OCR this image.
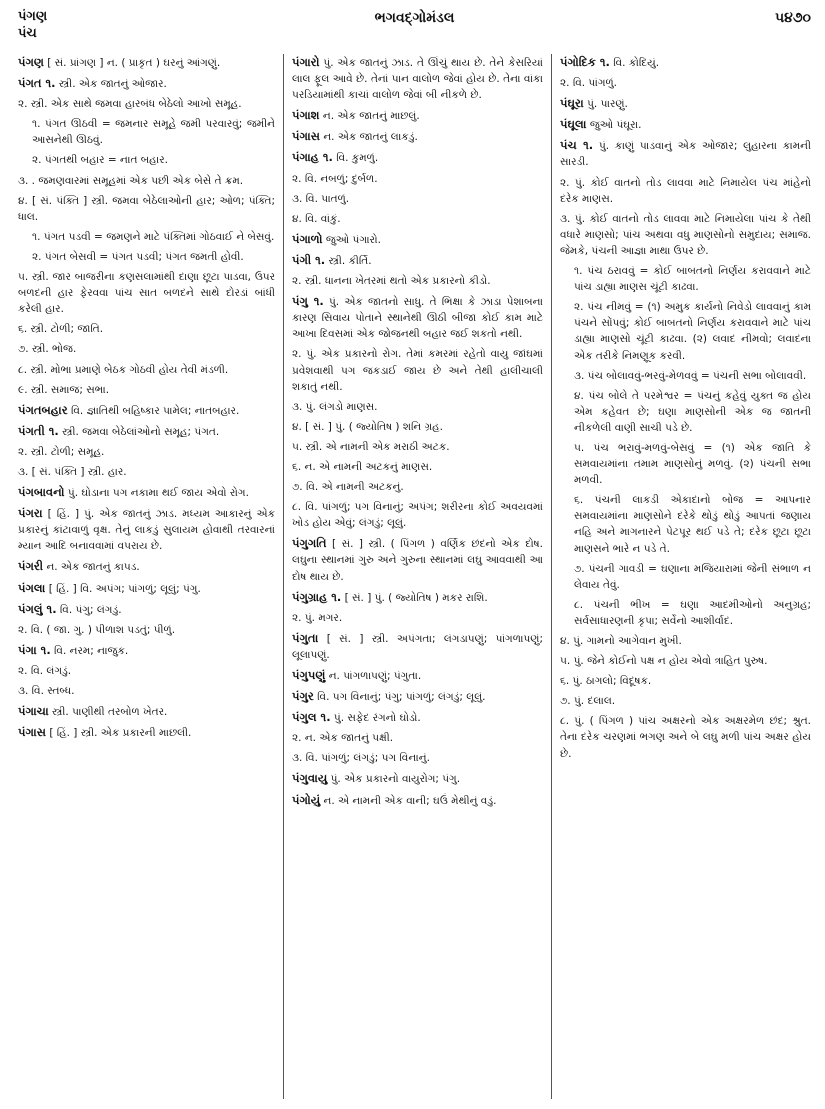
પંગણ
પંચ
ભગવદ્ગોમંડલ	૫૪૭૦

પંગણ [ સં. પ્રાંગણ ] ન. ( પ્રાકૃત ) ઘરનું આંગણું.

પંગત ૧. સ્ત્રી. એક જાતનું ઓજાર.

૨. સ્ત્રી. એક સાથે જમવા હારબંધ બેઠેલો આખો સમૂહ.

૧. પંગત ઊઠવી = જમનાર સમૂહે જમી પરવારવું; જમીને આસનેથી ઊઠવું.

૨. પંગતથી બહાર = નાત બહાર.

૩. . જમણવારમાં સમૂહમાં એક પછી એક બેસે તે ક્રમ.

૪. [ સં. પંક્તિ ] સ્ત્રી. જમવા બેઠેલાઓની હાર; ઓળ; પંક્તિ; ધાલ.

૧. પંગત પડવી = જમણને માટે પંક્તિમાં ગોઠવાઈ ને બેસવું.

૨. પંગત બેસવી = પંગત પડવી; પંગત જમતી હોવી.

૫. સ્ત્રી. જાર બાજરીના કણસલામાંથી દાણા છૂટા પાડવા, ઉપર બળદની હાર ફેરવવા પાંચ સાત બળદને સાથે દોરડાં બાંધી કરેલી હાર.

૬. સ્ત્રી. ટોળી; જાતિ.

૭. સ્ત્રી. ભોજ.

૮. સ્ત્રી. મોભા પ્રમાણે બેઠક ગોઠવી હોય તેવી મંડળી.

૯. સ્ત્રી. સમાજ; સભા.

પંગતબહાર વિ. જ્ઞાતિથી બહિષ્કાર પામેલ; નાતબહાર.

પંગતી ૧. સ્ત્રી. જમવા બેઠેલાંઓનો સમૂહ; પંગત.

૨. સ્ત્રી. ટોળી; સમૂહ.

૩. [ સં. પંક્તિ ] સ્ત્રી. હાર.

પંગબાવનો પું. ઘોડાના પગ નકામા થઈ જાય એવો રોગ.

પંગરા [ હિં. ] પું. એક જાતનું ઝાડ. મધ્યમ આકારનું એક પ્રકારનું કાંટાવાળું વૃક્ષ. તેનું લાકડું સુલાયમ હોવાથી તરવારનાં મ્યાન આદિ બનાવવામાં વપરાય છે.

પંગરી ન. એક જાતનું કાપડ.

પંગલા [ હિં. ] વિ. અપંગ; પાંગળું; લૂલું; પંગુ.

પંગલું ૧. વિ. પંગુ; લંગડું.

૨. વિ. ( જા. ગુ. ) પીળાશ પડતું; પીળું.

પંગા ૧. વિ. નરમ; નાજુક.

૨. વિ. લંગડું.

૩. વિ. સ્તબ્ધ.

પંગાચા સ્ત્રી. પાણીથી તરબોળ ખેતર.

પંગાસ [ હિં. ] સ્ત્રી. એક પ્રકારની માછલી.

પંગારો પું. એક જાતનું ઝાડ. તે ઊંચું થાય છે. તેને કેસરિયાં લાલ ફૂલ આવે છે. તેનાં પાન વાલોળ જેવાં હોય છે. તેના વાંકા પરડિયામાંથી કાચાં વાલોળ જેવાં બી નીકળે છે.

પંગાશ ન. એક જાતનું માછલું.

પંગાસ ન. એક જાતનું લાકડું.

પંગાહ ૧. વિ. કુમળું.

૨. વિ. નબળું; દુર્બળ.

૩. વિ. પાતળું.

૪. વિ. વાંકું.

પંગાળો જુઓ પંગારો.

પંગી ૧. સ્ત્રી. કીર્તિ.

૨. સ્ત્રી. ધાનના ખેતરમાં થતો એક પ્રકારનો કીડો.

પંગુ ૧. પું. એક જાતનો સાધુ. તે ભિક્ષા કે ઝાડા પેશાબના કારણ સિવાય પોતાને સ્થાનેથી ઊઠી બીજા કોઈ કામ માટે આખા દિવસમાં એક જોજનથી બહાર જઈ શકતો નથી.

૨. પું. એક પ્રકારનો રોગ. તેમાં કમરમાં રહેતો વાયુ જાંઘમાં પ્રવેશવાથી પગ જકડાઈ જાય છે અને તેથી હાલીચાલી શકાતું નથી.

૩. પું. લંગડો માણસ.

૪. [ સં. ] પું. ( જ્યોતિષ ) શનિ ગ્રહ.

૫. સ્ત્રી. એ નામની એક મરાઠી અટક.

૬. ન. એ નામની અટકનું માણસ.

૭. વિ. એ નામની અટકનું.

૮. વિ. પાંગળું; પગ વિનાનું; અપંગ; શરીરના કોઈ અવયવમાં ખોડ હોય એવું; લંગડું; લૂલું.

પંગુગતિ [ સં. ] સ્ત્રી. ( પિંગળ ) વર્ણિક છંદનો એક દોષ. લઘુના સ્થાનમાં ગુરુ અને ગુરુના સ્થાનમાં લઘુ આવવાથી આ દોષ થાય છે.

પંગુગ્રાહ ૧. [ સં. ] પું. ( જ્યોતિષ ) મકર રાશિ.

૨. પું. મગર.

પંગુતા [ સં. ] સ્ત્રી. અપંગતા; લંગડાપણું; પાંગળાપણું; લૂલાપણું.

પંગુપણું ન. પાંગળાપણું; પંગુતા.

પંગુર વિ. પગ વિનાનું; પંગુ; પાંગળું; લંગડું; લૂલું.

પંગુલ ૧. પું. સફેદ રંગનો ઘોડો.

૨. ન. એક જાતનું પક્ષી.

૩. વિ. પાંગળું; લંગડું; પગ વિનાનું.

પંગુવાયુ પું. એક પ્રકારનો વાયુરોગ; પંગુ.

પંગોયું ન. એ નામની એક વાની; ઘઉં મેથીનું વડું.

પંગોદિક ૧. વિ. કોદિયું.

૨. વિ. પાંગળું.

પંઘૂરા પું. પારણું.

પંઘૂલા જુઓ પંઘૂરા.

પંચ ૧. પું. કાણું પાડવાનું એક ઓજાર; લુહારના કામની સારડી.

૨. પું. કોઈ વાતનો તોડ લાવવા માટે નિમાયેલ પંચ માંહેનો દરેક માણસ.

૩. પું. કોઈ વાતનો તોડ લાવવા માટે નિમાયેલા પાંચ કે તેથી વધારે માણસો; પાંચ અથવા વધુ માણસોનો સમુદાય; સમાજ. જેમકે, પંચની આજ્ઞા માથા ઉપર છે.

૧. પંચ ઠરાવવું = કોઈ બાબતનો નિર્ણય કરાવવાને માટે પાંચ ડાહ્યા માણસ ચૂંટી કાઢવા.

૨. પંચ નીમવું = (૧) અમુક કાર્યનો નિવેડો લાવવાનું કામ પંચને સોંપવું; કોઈ બાબતનો નિર્ણય કરાવવાને માટે પાંચ ડાહ્યા માણસો ચૂંટી કાઢવા. (૨) લવાદ નીમવો; લવાદના એક તરીકે નિમણૂક કરવી.

૩. પંચ બોલાવવું-ભરવું-મેળવવું = પંચની સભા બોલાવવી.

૪. પંચ બોલે તે પરમેશ્વર = પંચનું કહેવું યુક્ત જ હોય એમ કહેવત છે; ઘણા માણસોની એક જ જાતની નીકળેલી વાણી સાચી પડે છે.

૫. પંચ ભરાવું-મળવું-બેસવું = (૧) એક જાતિ કે સમવાયમાંના તમામ માણસોનું મળવું. (૨) પંચની સભા મળવી.

૬. પંચની લાકડી એકાદાનો બોજ = આપનાર સમવાયમાંના માણસોને દરેકે થોડું થોડું આપતાં જણાય નહિ અને માગનારને પેટપૂર થઈ પડે તે; દરેક છૂટા છૂટા માણસને ભારે ન પડે તે.

૭. પંચની ગાવડી = ઘણાના મજિયારામાં જેની સંભાળ ન લેવાય તેવું.

૮. પંચની ભીખ = ઘણા આદમીઓનો અનુગ્રહ; સર્વસાધારણની કૃપા; સર્વેનો આશીર્વાદ.

૪. પું. ગામનો આગેવાન મુખી.

૫. પું. જેને કોઈનો પક્ષ ન હોય એવો ત્રાહિત પુરુષ.

૬. પું. ઠાગલો; વિદૂષક.

૭. પું. દલાલ.

૮. પું. ( પિંગળ ) પાંચ અક્ષરનો એક અક્ષરમેળ છંદ; શ્રુત. તેના દરેક ચરણમાં ભગણ અને બે લઘુ મળી પાંચ અક્ષર હોય છે.
